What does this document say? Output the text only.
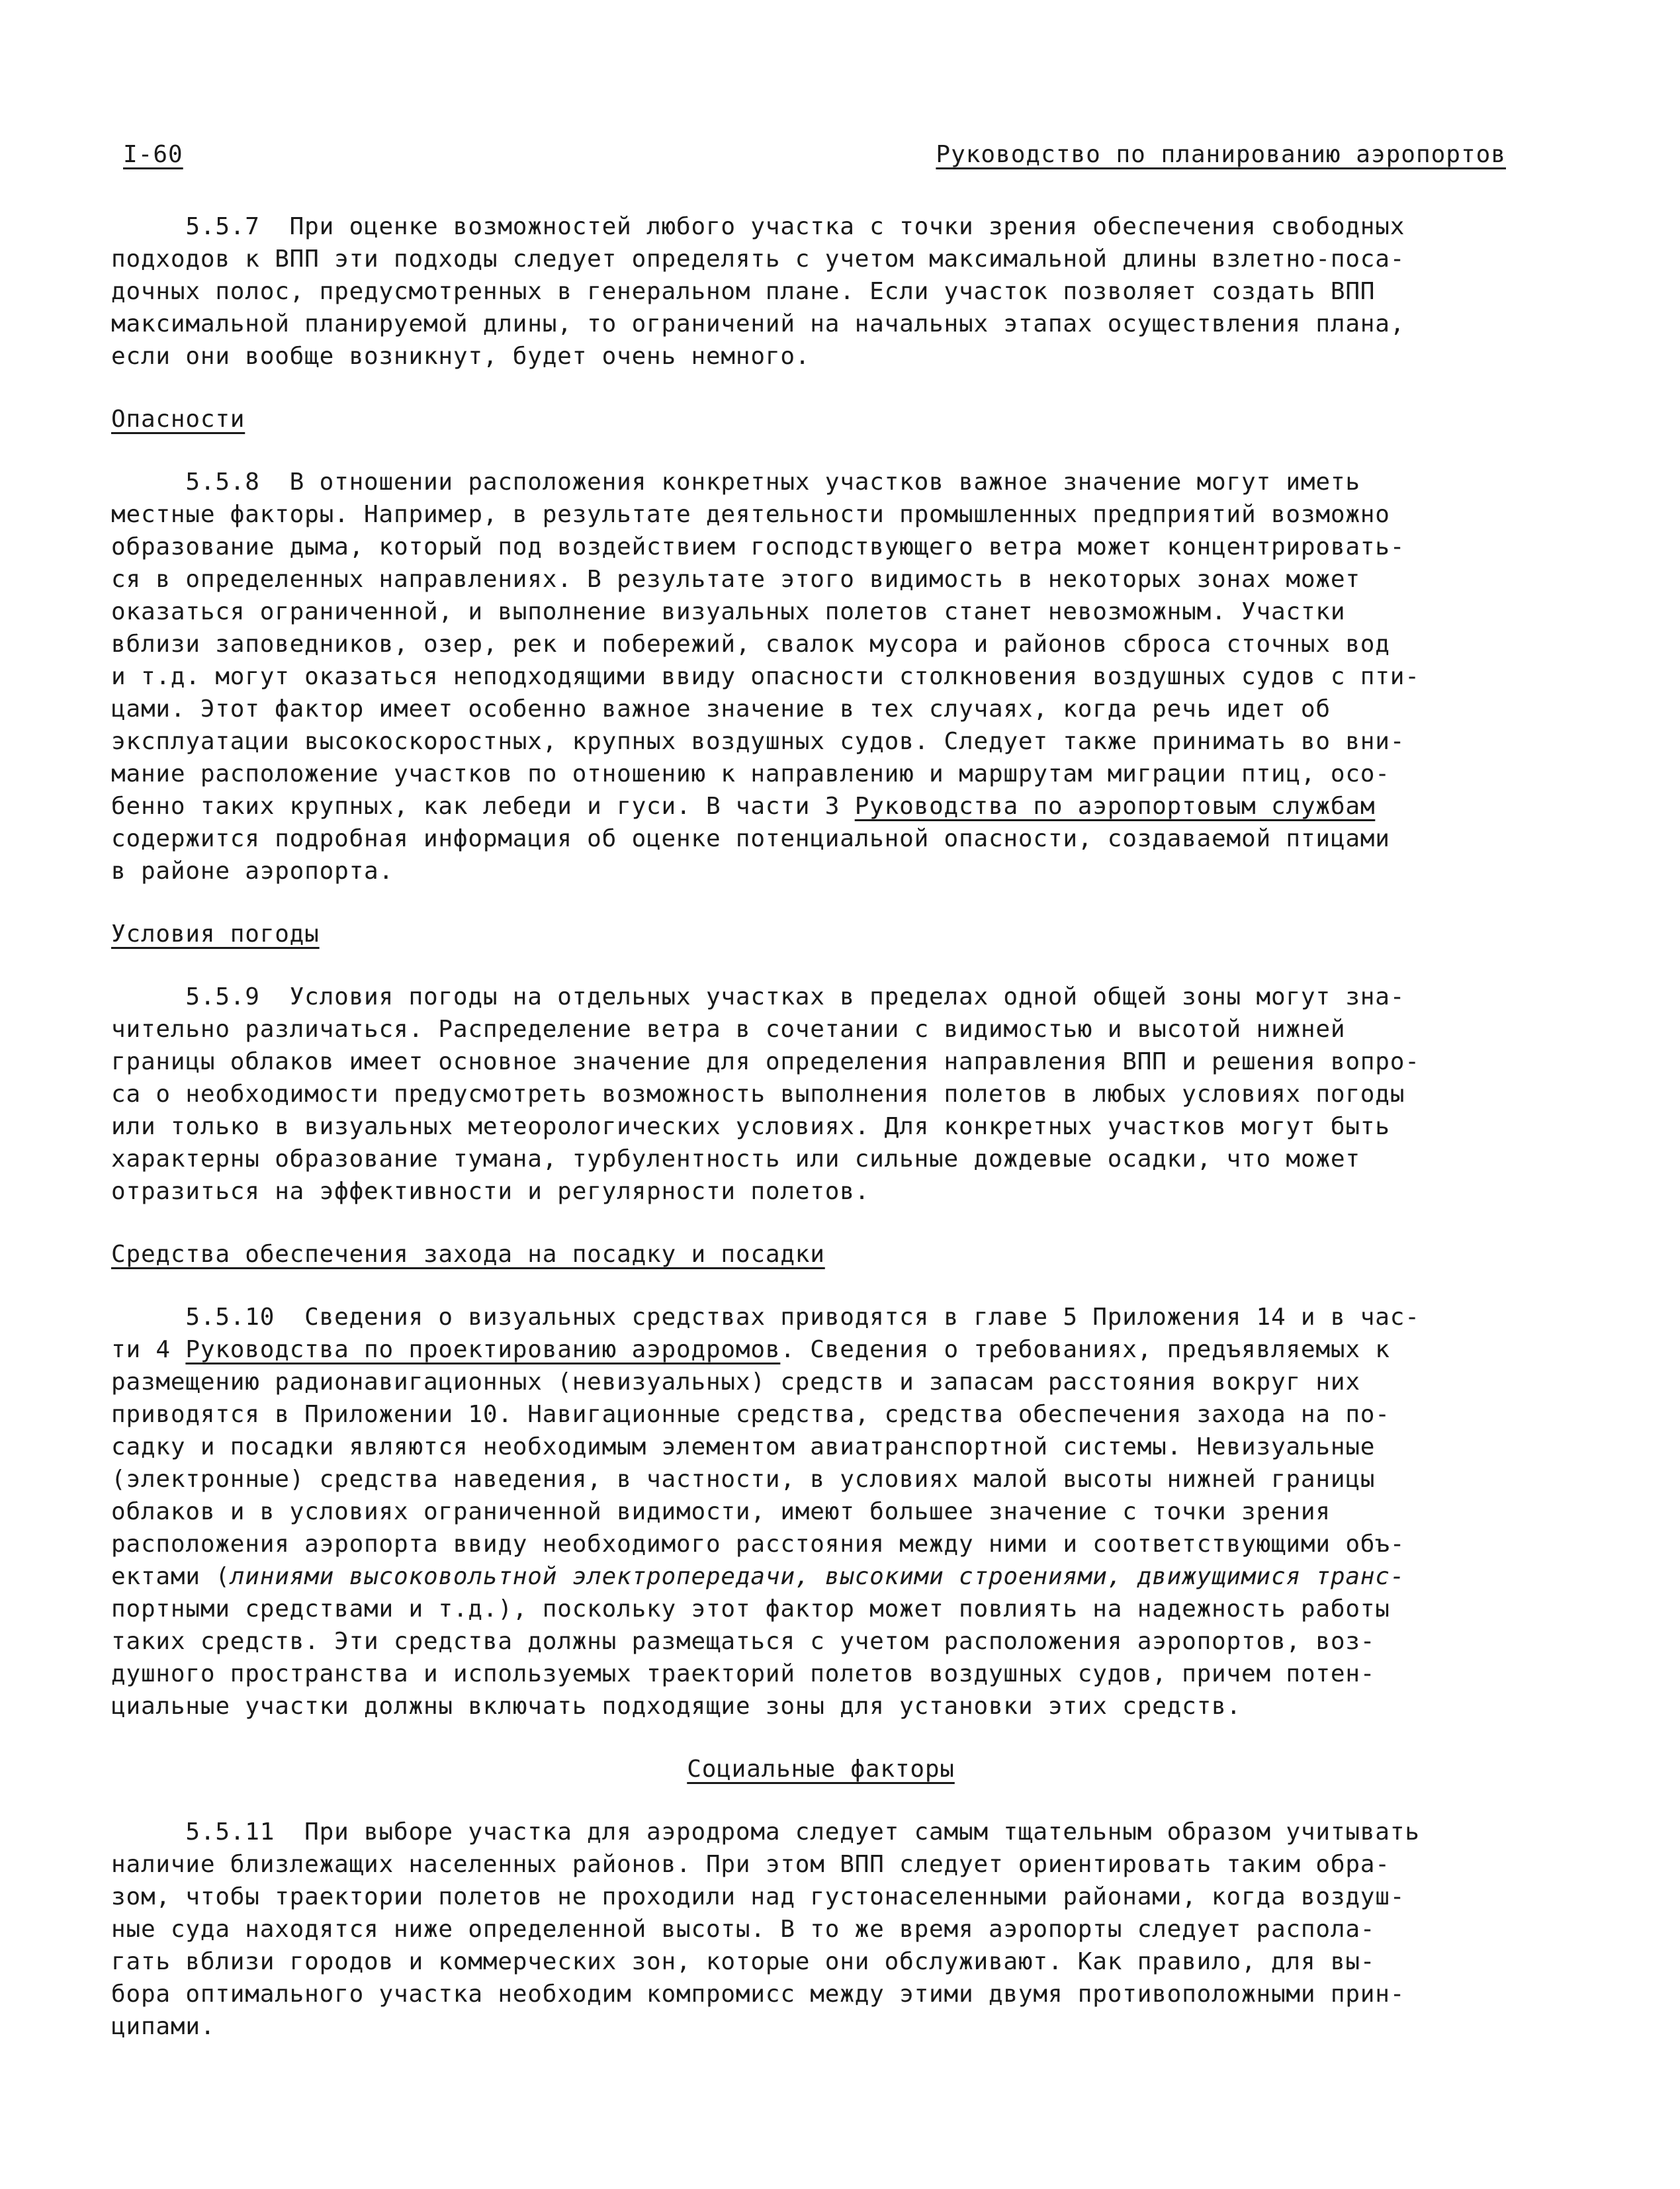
I-60	Руководство по планированию аэропортов
5.5.7  При оценке возможностей любого участка с точки зрения обеспечения свободных
подходов к ВПП эти подходы следует определять с учетом максимальной длины взлетно-поса-
дочных полос, предусмотренных в генеральном плане. Если участок позволяет создать ВПП
максимальной планируемой длины, то ограничений на начальных этапах осуществления плана,
если они вообще возникнут, будет очень немного.
Опасности
5.5.8  В отношении расположения конкретных участков важное значение могут иметь
местные факторы. Например, в результате деятельности промышленных предприятий возможно
образование дыма, который под воздействием господствующего ветра может концентрировать-
ся в определенных направлениях. В результате этого видимость в некоторых зонах может
оказаться ограниченной, и выполнение визуальных полетов станет невозможным. Участки
вблизи заповедников, озер, рек и побережий, свалок мусора и районов сброса сточных вод
и т.д. могут оказаться неподходящими ввиду опасности столкновения воздушных судов с пти-
цами. Этот фактор имеет особенно важное значение в тех случаях, когда речь идет об
эксплуатации высокоскоростных, крупных воздушных судов. Следует также принимать во вни-
мание расположение участков по отношению к направлению и маршрутам миграции птиц, осо-
бенно таких крупных, как лебеди и гуси. В части 3 Руководства по аэропортовым службам
содержится подробная информация об оценке потенциальной опасности, создаваемой птицами
в районе аэропорта.
Условия погоды
5.5.9  Условия погоды на отдельных участках в пределах одной общей зоны могут зна-
чительно различаться. Распределение ветра в сочетании с видимостью и высотой нижней
границы облаков имеет основное значение для определения направления ВПП и решения вопро-
са о необходимости предусмотреть возможность выполнения полетов в любых условиях погоды
или только в визуальных метеорологических условиях. Для конкретных участков могут быть
характерны образование тумана, турбулентность или сильные дождевые осадки, что может
отразиться на эффективности и регулярности полетов.
Средства обеспечения захода на посадку и посадки
5.5.10  Сведения о визуальных средствах приводятся в главе 5 Приложения 14 и в час-
ти 4 Руководства по проектированию аэродромов. Сведения о требованиях, предъявляемых к
размещению радионавигационных (невизуальных) средств и запасам расстояния вокруг них
приводятся в Приложении 10. Навигационные средства, средства обеспечения захода на по-
садку и посадки являются необходимым элементом авиатранспортной системы. Невизуальные
(электронные) средства наведения, в частности, в условиях малой высоты нижней границы
облаков и в условиях ограниченной видимости, имеют большее значение с точки зрения
расположения аэропорта ввиду необходимого расстояния между ними и соответствующими объ-
ектами (линиями высоковольтной электропередачи, высокими строениями, движущимися транс-
портными средствами и т.д.), поскольку этот фактор может повлиять на надежность работы
таких средств. Эти средства должны размещаться с учетом расположения аэропортов, воз-
душного пространства и используемых траекторий полетов воздушных судов, причем потен-
циальные участки должны включать подходящие зоны для установки этих средств.
Социальные факторы
5.5.11  При выборе участка для аэродрома следует самым тщательным образом учитывать
наличие близлежащих населенных районов. При этом ВПП следует ориентировать таким обра-
зом, чтобы траектории полетов не проходили над густонаселенными районами, когда воздуш-
ные суда находятся ниже определенной высоты. В то же время аэропорты следует распола-
гать вблизи городов и коммерческих зон, которые они обслуживают. Как правило, для вы-
бора оптимального участка необходим компромисс между этими двумя противоположными прин-
ципами.
